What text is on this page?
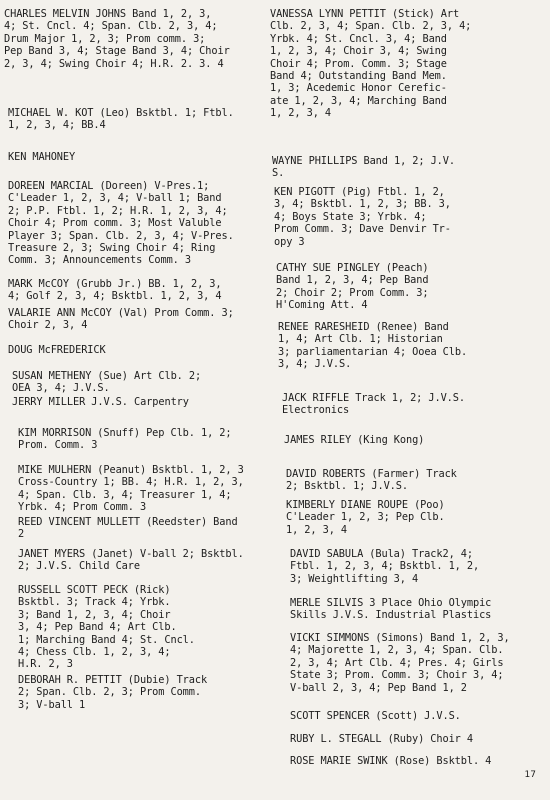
CHARLES MELVIN JOHNS Band 1, 2, 3,
4; St. Cncl. 4; Span. Clb. 2, 3, 4;
Drum Major 1, 2, 3; Prom comm. 3;
Pep Band 3, 4; Stage Band 3, 4; Choir
2, 3, 4; Swing Choir 4; H.R. 2. 3. 4
MICHAEL W. KOT (Leo) Bsktbl. 1; Ftbl.
1, 2, 3, 4; BB.4
KEN MAHONEY
DOREEN MARCIAL (Doreen) V-Pres.1;
C'Leader 1, 2, 3, 4; V-ball 1; Band
2; P.P. Ftbl. 1, 2; H.R. 1, 2, 3, 4;
Choir 4; Prom comm. 3; Most Valuble
Player 3; Span. Clb. 2, 3, 4; V-Pres.
Treasure 2, 3; Swing Choir 4; Ring
Comm. 3; Announcements Comm. 3
MARK McCOY (Grubb Jr.) BB. 1, 2, 3,
4; Golf 2, 3, 4; Bsktbl. 1, 2, 3, 4
VALARIE ANN McCOY (Val) Prom Comm. 3;
Choir 2, 3, 4
DOUG McFREDERICK
SUSAN METHENY (Sue) Art Clb. 2;
OEA 3, 4; J.V.S.
JERRY MILLER J.V.S. Carpentry
KIM MORRISON (Snuff) Pep Clb. 1, 2;
Prom. Comm. 3
MIKE MULHERN (Peanut) Bsktbl. 1, 2, 3
Cross-Country 1; BB. 4; H.R. 1, 2, 3,
4; Span. Clb. 3, 4; Treasurer 1, 4;
Yrbk. 4; Prom Comm. 3
REED VINCENT MULLETT (Reedster) Band
2
JANET MYERS (Janet) V-ball 2; Bsktbl.
2; J.V.S. Child Care
RUSSELL SCOTT PECK (Rick)
Bsktbl. 3; Track 4; Yrbk.
3; Band 1, 2, 3, 4; Choir
3, 4; Pep Band 4; Art Clb.
1; Marching Band 4; St. Cncl.
4; Chess Clb. 1, 2, 3, 4;
H.R. 2, 3
DEBORAH R. PETTIT (Dubie) Track
2; Span. Clb. 2, 3; Prom Comm.
3; V-ball 1
VANESSA LYNN PETTIT (Stick) Art
Clb. 2, 3, 4; Span. Clb. 2, 3, 4;
Yrbk. 4; St. Cncl. 3, 4; Band
1, 2, 3, 4; Choir 3, 4; Swing
Choir 4; Prom. Comm. 3; Stage
Band 4; Outstanding Band Mem.
1, 3; Acedemic Honor Cerefic-
ate 1, 2, 3, 4; Marching Band
1, 2, 3, 4
WAYNE PHILLIPS Band 1, 2; J.V.
S.
KEN PIGOTT (Pig) Ftbl. 1, 2,
3, 4; Bsktbl. 1, 2, 3; BB. 3,
4; Boys State 3; Yrbk. 4;
Prom Comm. 3; Dave Denvir Tr-
opy 3
CATHY SUE PINGLEY (Peach)
Band 1, 2, 3, 4; Pep Band
2; Choir 2; Prom Comm. 3;
H'Coming Att. 4
RENEE RARESHEID (Renee) Band
1, 4; Art Clb. 1; Historian
3; parliamentarian 4; Ooea Clb.
3, 4; J.V.S.
JACK RIFFLE Track 1, 2; J.V.S.
Electronics
JAMES RILEY (King Kong)
DAVID ROBERTS (Farmer) Track
2; Bsktbl. 1; J.V.S.
KIMBERLY DIANE ROUPE (Poo)
C'Leader 1, 2, 3; Pep Clb.
1, 2, 3, 4
DAVID SABULA (Bula) Track2, 4;
Ftbl. 1, 2, 3, 4; Bsktbl. 1, 2,
3; Weightlifting 3, 4
MERLE SILVIS 3 Place Ohio Olympic
Skills J.V.S. Industrial Plastics
VICKI SIMMONS (Simons) Band 1, 2, 3,
4; Majorette 1, 2, 3, 4; Span. Clb.
2, 3, 4; Art Clb. 4; Pres. 4; Girls
State 3; Prom. Comm. 3; Choir 3, 4;
V-ball 2, 3, 4; Pep Band 1, 2
SCOTT SPENCER (Scott) J.V.S.
RUBY L. STEGALL (Ruby) Choir 4
ROSE MARIE SWINK (Rose) Bsktbl. 4
17
